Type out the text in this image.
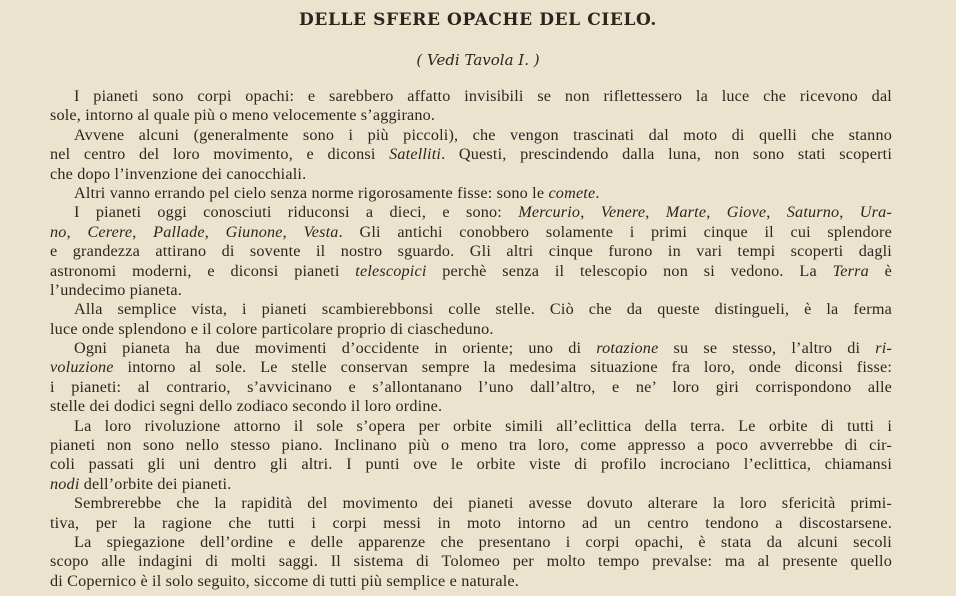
DELLE SFERE OPACHE DEL CIELO.
( Vedi Tavola I. )
I pianeti sono corpi opachi: e sarebbero affatto invisibili se non riflettessero la luce che ricevono dal
sole, intorno al quale più o meno velocemente s’aggirano.
Avvene alcuni (generalmente sono i più piccoli), che vengon trascinati dal moto di quelli che stanno
nel centro del loro movimento, e diconsi Satelliti. Questi, prescindendo dalla luna, non sono stati scoperti
che dopo l’invenzione dei canocchiali.
Altri vanno errando pel cielo senza norme rigorosamente fisse: sono le comete.
I pianeti oggi conosciuti riduconsi a dieci, e sono: Mercurio, Venere, Marte, Giove, Saturno, Ura-
no, Cerere, Pallade, Giunone, Vesta. Gli antichi conobbero solamente i primi cinque il cui splendore
e grandezza attirano di sovente il nostro sguardo. Gli altri cinque furono in vari tempi scoperti dagli
astronomi moderni, e diconsi pianeti telescopici perchè senza il telescopio non si vedono. La Terra è
l’undecimo pianeta.
Alla semplice vista, i pianeti scambierebbonsi colle stelle. Ciò che da queste distingueli, è la ferma
luce onde splendono e il colore particolare proprio di ciascheduno.
Ogni pianeta ha due movimenti d’occidente in oriente; uno di rotazione su se stesso, l’altro di ri-
voluzione intorno al sole. Le stelle conservan sempre la medesima situazione fra loro, onde diconsi fisse:
i pianeti: al contrario, s’avvicinano e s’allontanano l’uno dall’altro, e ne’ loro giri corrispondono alle
stelle dei dodici segni dello zodiaco secondo il loro ordine.
La loro rivoluzione attorno il sole s’opera per orbite simili all’eclittica della terra. Le orbite di tutti i
pianeti non sono nello stesso piano. Inclinano più o meno tra loro, come appresso a poco avverrebbe di cir-
coli passati gli uni dentro gli altri. I punti ove le orbite viste di profilo incrociano l’eclittica, chiamansi
nodi dell’orbite dei pianeti.
Sembrerebbe che la rapidità del movimento dei pianeti avesse dovuto alterare la loro sfericità primi-
tiva, per la ragione che tutti i corpi messi in moto intorno ad un centro tendono a discostarsene.
La spiegazione dell’ordine e delle apparenze che presentano i corpi opachi, è stata da alcuni secoli
scopo alle indagini di molti saggi. Il sistema di Tolomeo per molto tempo prevalse: ma al presente quello
di Copernico è il solo seguito, siccome di tutti più semplice e naturale.
